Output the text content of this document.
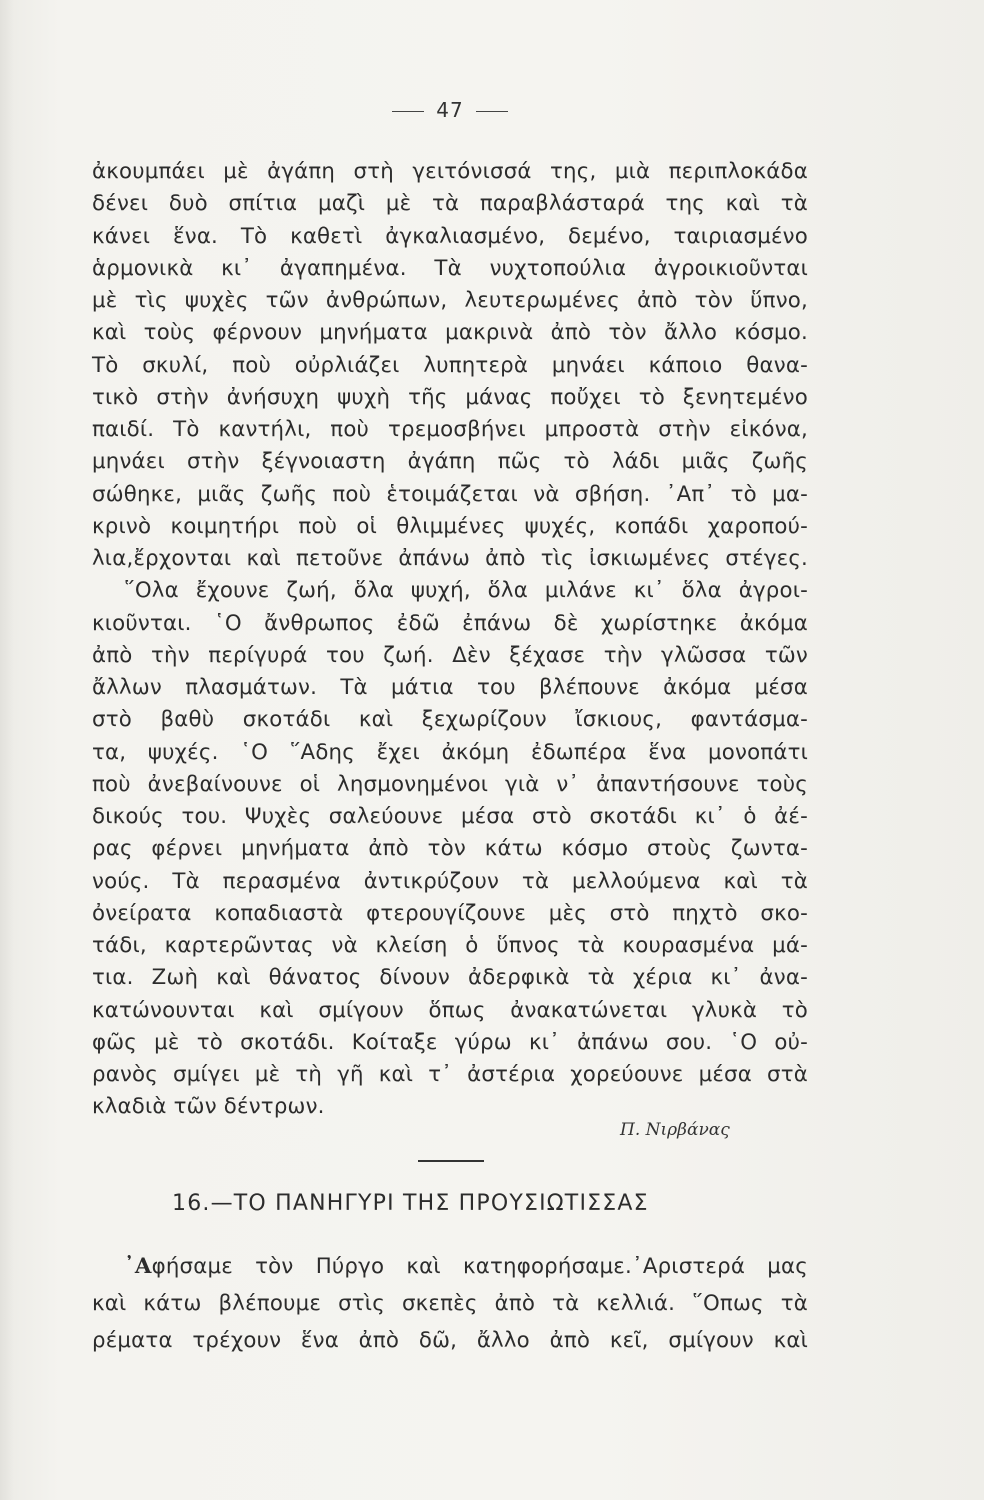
47
ἀκουμπάει μὲ ἀγάπη στὴ γειτόνισσά της, μιὰ περιπλοκάδα
δένει δυὸ σπίτια μαζὶ μὲ τὰ παραβλάσταρά της καὶ τὰ
κάνει ἕνα. Τὸ καθετὶ ἀγκαλιασμένο, δεμένο, ταιριασμένο
ἁρμονικὰ κι᾽ ἀγαπημένα. Τὰ νυχτοπούλια ἀγροικιοῦνται
μὲ τὶς ψυχὲς τῶν ἀνθρώπων, λευτερωμένες ἀπὸ τὸν ὕπνο,
καὶ τοὺς φέρνουν μηνήματα μακρινὰ ἀπὸ τὸν ἄλλο κόσμο.
Τὸ σκυλί, ποὺ οὐρλιάζει λυπητερὰ μηνάει κάποιο θανα-
τικὸ στὴν ἀνήσυχη ψυχὴ τῆς μάνας ποὔχει τὸ ξενητεμένο
παιδί. Τὸ καντήλι, ποὺ τρεμοσβήνει μπροστὰ στὴν εἰκόνα,
μηνάει στὴν ξέγνοιαστη ἀγάπη πῶς τὸ λάδι μιᾶς ζωῆς
σώθηκε, μιᾶς ζωῆς ποὺ ἑτοιμάζεται νὰ σβήση. ᾿Απ᾽ τὸ μα-
κρινὸ κοιμητήρι ποὺ οἱ θλιμμένες ψυχές, κοπάδι χαροπού-
λια,ἔρχονται καὶ πετοῦνε ἀπάνω ἀπὸ τὶς ἰσκιωμένες στέγες.
῞Ολα ἔχουνε ζωή, ὅλα ψυχή, ὅλα μιλάνε κι᾽ ὅλα ἀγροι-
κιοῦνται. ῾Ο ἄνθρωπος ἐδῶ ἐπάνω δὲ χωρίστηκε ἀκόμα
ἀπὸ τὴν περίγυρά του ζωή. Δὲν ξέχασε τὴν γλῶσσα τῶν
ἄλλων πλασμάτων. Τὰ μάτια του βλέπουνε ἀκόμα μέσα
στὸ βαθὺ σκοτάδι καὶ ξεχωρίζουν ἴσκιους, φαντάσμα-
τα, ψυχές. ῾Ο ῞Αδης ἔχει ἀκόμη ἐδωπέρα ἕνα μονοπάτι
ποὺ ἀνεβαίνουνε οἱ λησμονημένοι γιὰ ν᾽ ἀπαντήσουνε τοὺς
δικούς του. Ψυχὲς σαλεύουνε μέσα στὸ σκοτάδι κι᾽ ὁ ἀέ-
ρας φέρνει μηνήματα ἀπὸ τὸν κάτω κόσμο στοὺς ζωντα-
νούς. Τὰ περασμένα ἀντικρύζουν τὰ μελλούμενα καὶ τὰ
ὀνείρατα κοπαδιαστὰ φτερουγίζουνε μὲς στὸ πηχτὸ σκο-
τάδι, καρτερῶντας νὰ κλείση ὁ ὕπνος τὰ κουρασμένα μά-
τια. Ζωὴ καὶ θάνατος δίνουν ἀδερφικὰ τὰ χέρια κι᾽ ἀνα-
κατώνουνται καὶ σμίγουν ὅπως ἀνακατώνεται γλυκὰ τὸ
φῶς μὲ τὸ σκοτάδι. Κοίταξε γύρω κι᾽ ἀπάνω σου. ῾Ο οὐ-
ρανὸς σμίγει μὲ τὴ γῆ καὶ τ᾽ ἀστέρια χορεύουνε μέσα στὰ
κλαδιὰ τῶν δέντρων.
Π. Νιρβάνας
16.—ΤΟ ΠΑΝΗΓΥΡΙ ΤΗΣ ΠΡΟΥΣΙΩΤΙΣΣΑΣ
᾿Αφήσαμε τὸν Πύργο καὶ κατηφορήσαμε.᾿Αριστερά μας
καὶ κάτω βλέπουμε στὶς σκεπὲς ἀπὸ τὰ κελλιά. ῞Οπως τὰ
ρέματα τρέχουν ἕνα ἀπὸ δῶ, ἄλλο ἀπὸ κεῖ, σμίγουν καὶ
